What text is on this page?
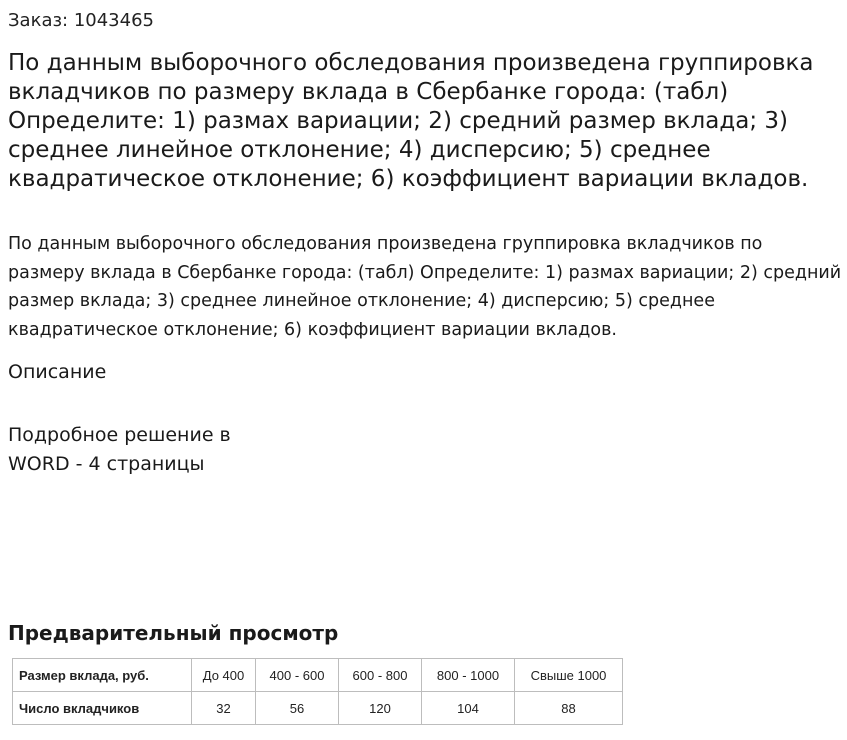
Заказ: 1043465
По данным выборочного обследования произведена группировка вкладчиков по размеру вклада в Сбербанке города: (табл) Определите: 1) размах вариации; 2) средний размер вклада; 3) среднее линейное отклонение; 4) дисперсию; 5) среднее квадратическое отклонение; 6) коэффициент вариации вкладов.

По данным выборочного обследования произведена группировка вкладчиков по размеру вклада в Сбербанке города: (табл) Определите: 1) размах вариации; 2) средний размер вклада; 3) среднее линейное отклонение; 4) дисперсию; 5) среднее квадратическое отклонение; 6) коэффициент вариации вкладов.

Описание
Подробное решение в WORD - 4 страницы
Предварительный просмотр
Размер вклада, руб.	До 400	400 - 600	600 - 800	800 - 1000	Свыше 1000
Число вкладчиков	32	56	120	104	88
